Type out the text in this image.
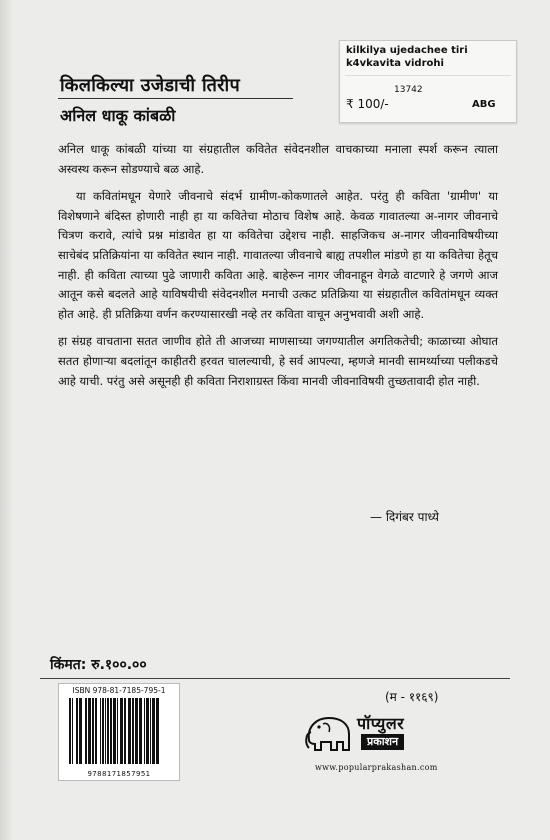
किलकिल्या उजेडाची तिरीप
अनिल धाकू कांबळी
kilkilya ujedachee tiri
k4vkavita vidrohi
13742
₹ 100/-	ABG

अनिल धाकू कांबळी यांच्या या संग्रहातील कवितेत संवेदनशील वाचकाच्या मनाला स्पर्श करून त्याला अस्वस्थ करून सोडण्याचे बळ आहे.

या कवितांमधून येणारे जीवनाचे संदर्भ ग्रामीण-कोकणातले आहेत. परंतु ही कविता 'ग्रामीण' या विशेषणाने बंदिस्त होणारी नाही हा या कवितेचा मोठाच विशेष आहे. केवळ गावातल्या अ-नागर जीवनाचे चित्रण करावे, त्यांचे प्रश्न मांडावेत हा या कवितेचा उद्देशच नाही. साहजिकच अ-नागर जीवनाविषयीच्या साचेबंद प्रतिक्रियांना या कवितेत स्थान नाही. गावातल्या जीवनाचे बाह्य तपशील मांडणे हा या कवितेचा हेतूच नाही. ही कविता त्याच्या पुढे जाणारी कविता आहे. बाहेरून नागर जीवनाहून वेगळे वाटणारे हे जगणे आज आतून कसे बदलते आहे याविषयीची संवेदनशील मनाची उत्कट प्रतिक्रिया या संग्रहातील कवितांमधून व्यक्त होत आहे. ही प्रतिक्रिया वर्णन करण्यासारखी नव्हे तर कविता वाचून अनुभवावी अशी आहे.

हा संग्रह वाचताना सतत जाणीव होते ती आजच्या माणसाच्या जगण्यातील अगतिकतेची; काळाच्या ओघात सतत होणाऱ्या बदलांतून काहीतरी हरवत चालल्याची, हे सर्व आपल्या, म्हणजे मानवी सामर्थ्याच्या पलीकडचे आहे याची. परंतु असे असूनही ही कविता निराशाग्रस्त किंवा मानवी जीवनाविषयी तुच्छतावादी होत नाही.

— दिगंबर पाध्ये
किंमत: रु.१००.००
ISBN 978-81-7185-795-1
9788171857951
(म - ११६९)
पॉप्युलर
प्रकाशन
www.popularprakashan.com
